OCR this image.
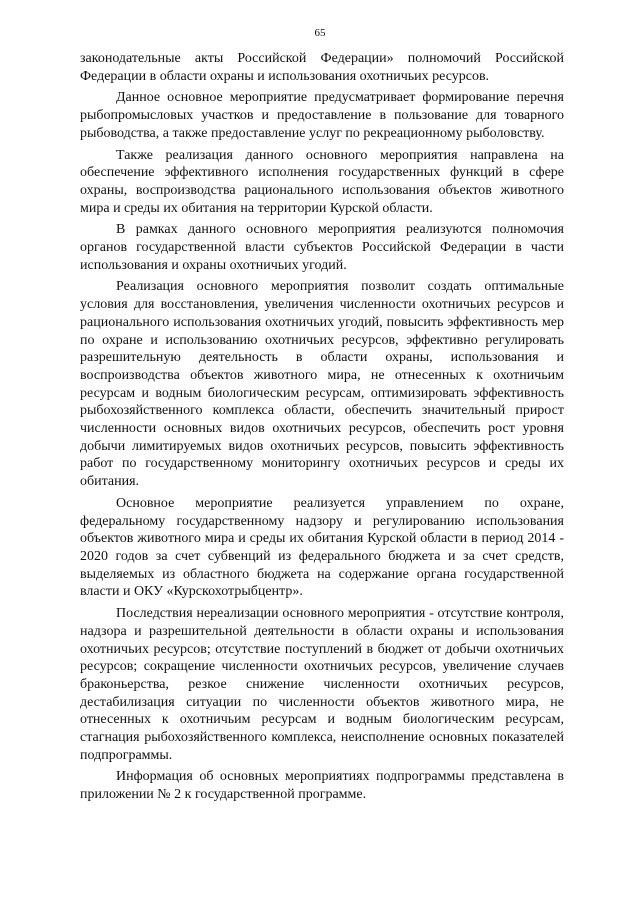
65

законодательные акты Российской Федерации» полномочий Российской Федерации в области охраны и использования охотничьих ресурсов.

Данное основное мероприятие предусматривает формирование перечня рыбопромысловых участков и предоставление в пользование для товарного рыбоводства, а также предоставление услуг по рекреационному рыболовству.

Также реализация данного основного мероприятия направлена на обеспечение эффективного исполнения государственных функций в сфере охраны, воспроизводства рационального использования объектов животного мира и среды их обитания на территории Курской области.

В рамках данного основного мероприятия реализуются полномочия органов государственной власти субъектов Российской Федерации в части использования и охраны охотничьих угодий.

Реализация основного мероприятия позволит создать оптимальные условия для восстановления, увеличения численности охотничьих ресурсов и рационального использования охотничьих угодий, повысить эффективность мер по охране и использованию охотничьих ресурсов, эффективно регулировать разрешительную деятельность в области охраны, использования и воспроизводства объектов животного мира, не отнесенных к охотничьим ресурсам и водным биологическим ресурсам, оптимизировать эффективность рыбохозяйственного комплекса области, обеспечить значительный прирост численности основных видов охотничьих ресурсов, обеспечить рост уровня добычи лимитируемых видов охотничьих ресурсов, повысить эффективность работ по государственному мониторингу охотничьих ресурсов и среды их обитания.

Основное мероприятие реализуется управлением по охране, федеральному государственному надзору и регулированию использования объектов животного мира и среды их обитания Курской области в период 2014 - 2020 годов за счет субвенций из федерального бюджета и за счет средств, выделяемых из областного бюджета на содержание органа государственной власти и ОКУ «Курскохотрыбцентр».

Последствия нереализации основного мероприятия - отсутствие контроля, надзора и разрешительной деятельности в области охраны и использования охотничьих ресурсов; отсутствие поступлений в бюджет от добычи охотничьих ресурсов; сокращение численности охотничьих ресурсов, увеличение случаев браконьерства, резкое снижение численности охотничьих ресурсов, дестабилизация ситуации по численности объектов животного мира, не отнесенных к охотничьим ресурсам и водным биологическим ресурсам, стагнация рыбохозяйственного комплекса, неисполнение основных показателей подпрограммы.

Информация об основных мероприятиях подпрограммы представлена в приложении № 2 к государственной программе.
